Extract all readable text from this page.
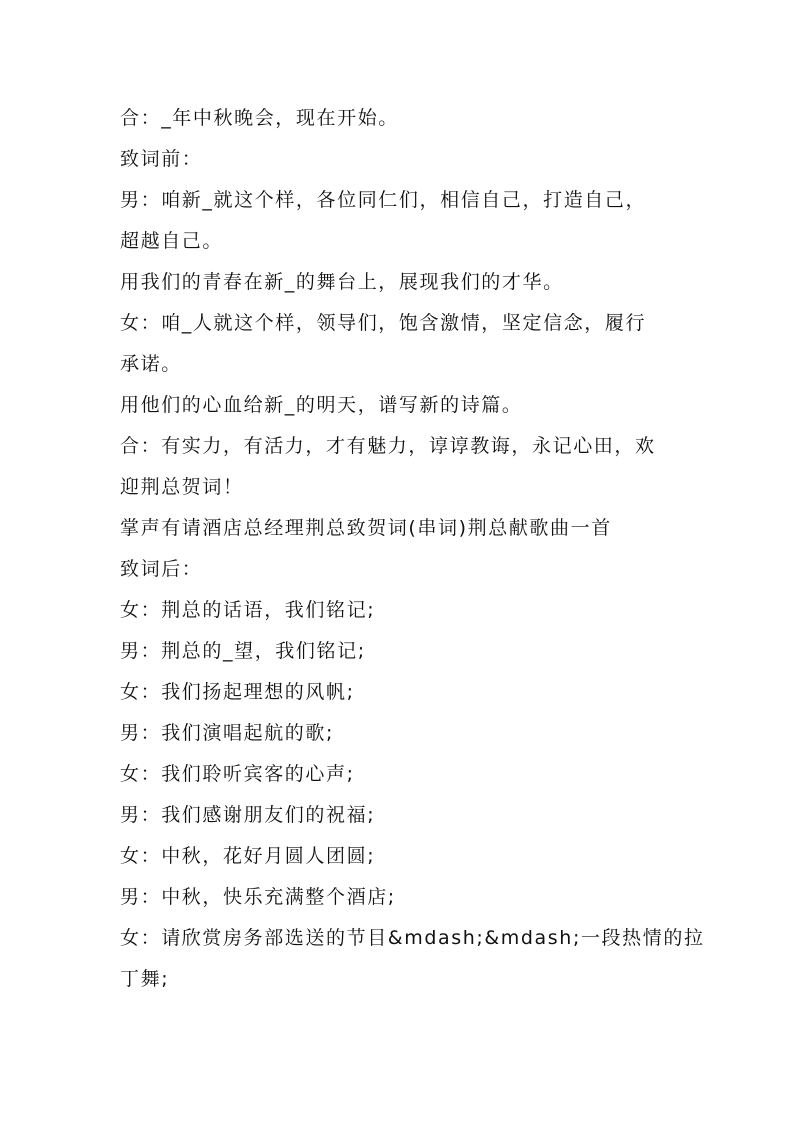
合：_年中秋晚会，现在开始。
致词前：
男：咱新_就这个样，各位同仁们，相信自己，打造自己，
超越自己。
用我们的青春在新_的舞台上，展现我们的才华。
女：咱_人就这个样，领导们，饱含激情，坚定信念，履行
承诺。
用他们的心血给新_的明天，谱写新的诗篇。
合：有实力，有活力，才有魅力，谆谆教诲，永记心田，欢
迎荆总贺词！
掌声有请酒店总经理荆总致贺词(串词)荆总献歌曲一首
致词后：
女：荆总的话语，我们铭记;
男：荆总的_望，我们铭记;
女：我们扬起理想的风帆;
男：我们演唱起航的歌;
女：我们聆听宾客的心声;
男：我们感谢朋友们的祝福;
女：中秋，花好月圆人团圆;
男：中秋，快乐充满整个酒店;
女：请欣赏房务部选送的节目&mdash;&mdash;一段热情的拉
丁舞;
